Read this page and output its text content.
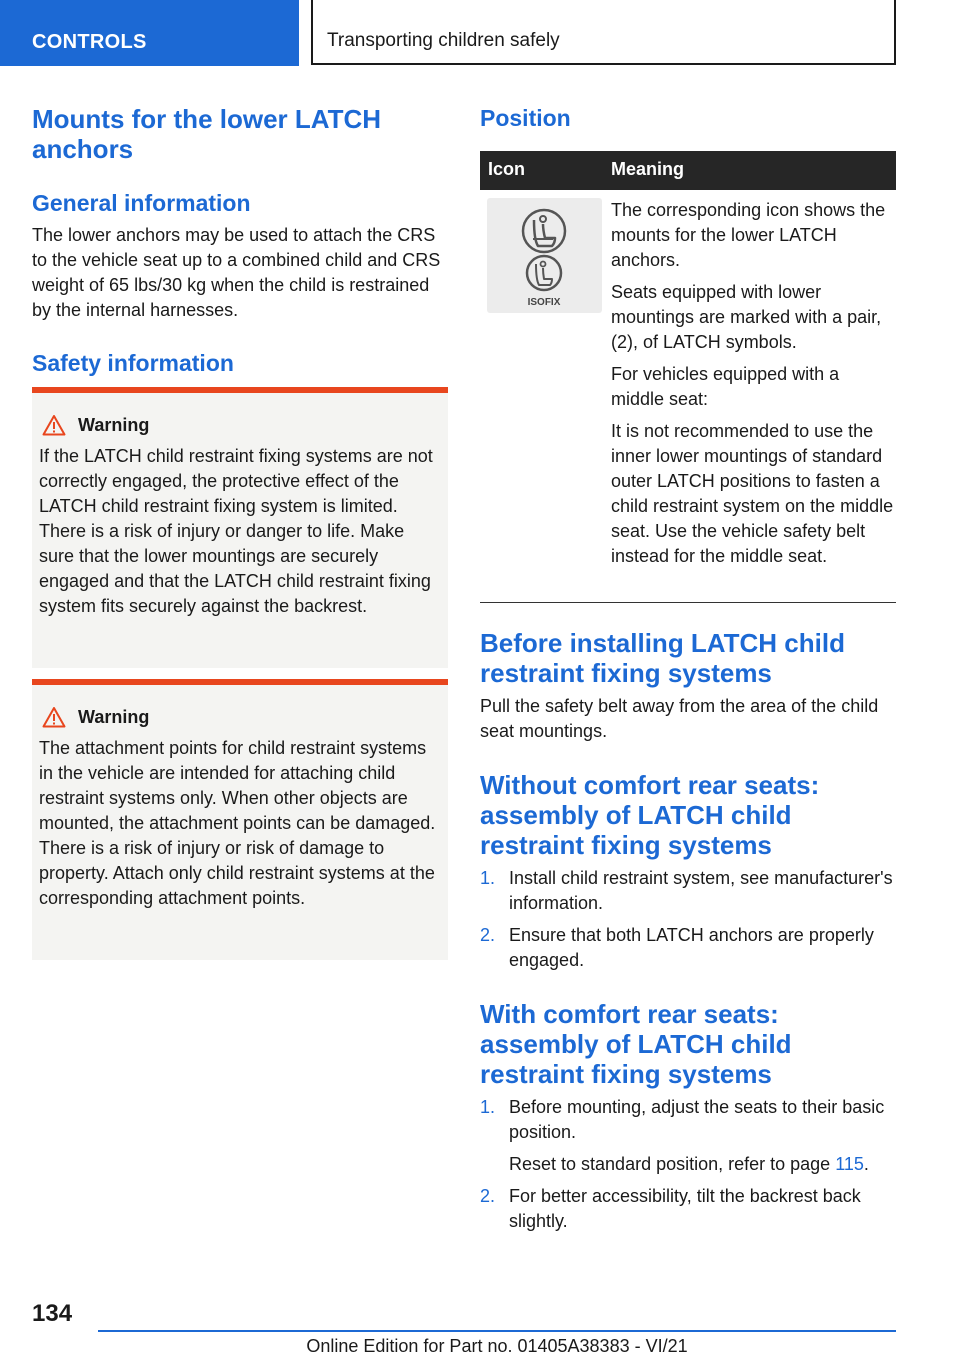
CONTROLS	Transporting children safely
Mounts for the lower LATCH anchors
General information

The lower anchors may be used to attach the CRS to the vehicle seat up to a combined child and CRS weight of 65 lbs/30 kg when the child is restrained by the internal harnesses.

Safety information
Warning
If the LATCH child restraint fixing systems are not correctly engaged, the protective effect of the LATCH child restraint fixing system is limited. There is a risk of injury or danger to life. Make sure that the lower mountings are securely engaged and that the LATCH child restraint fixing system fits securely against the backrest.
Warning
The attachment points for child restraint systems in the vehicle are intended for attaching child restraint systems only. When other objects are mounted, the attachment points can be damaged. There is a risk of injury or risk of damage to property. Attach only child restraint systems at the corresponding attachment points.
Position
Icon	Meaning
ISOFIX

The corresponding icon shows the mounts for the lower LATCH anchors.

Seats equipped with lower mountings are marked with a pair, (2), of LATCH symbols.

For vehicles equipped with a middle seat:

It is not recommended to use the inner lower mountings of standard outer LATCH positions to fasten a child restraint system on the middle seat. Use the vehicle safety belt instead for the middle seat.

Before installing LATCH child restraint fixing systems

Pull the safety belt away from the area of the child seat mountings.

Without comfort rear seats: assembly of LATCH child restraint fixing systems
1. Install child restraint system, see manufacturer's information.
2. Ensure that both LATCH anchors are properly engaged.
With comfort rear seats: assembly of LATCH child restraint fixing systems
1. Before mounting, adjust the seats to their basic position.

Reset to standard position, refer to page 115.

2. For better accessibility, tilt the backrest back slightly.
134
Online Edition for Part no. 01405A38383 - VI/21
